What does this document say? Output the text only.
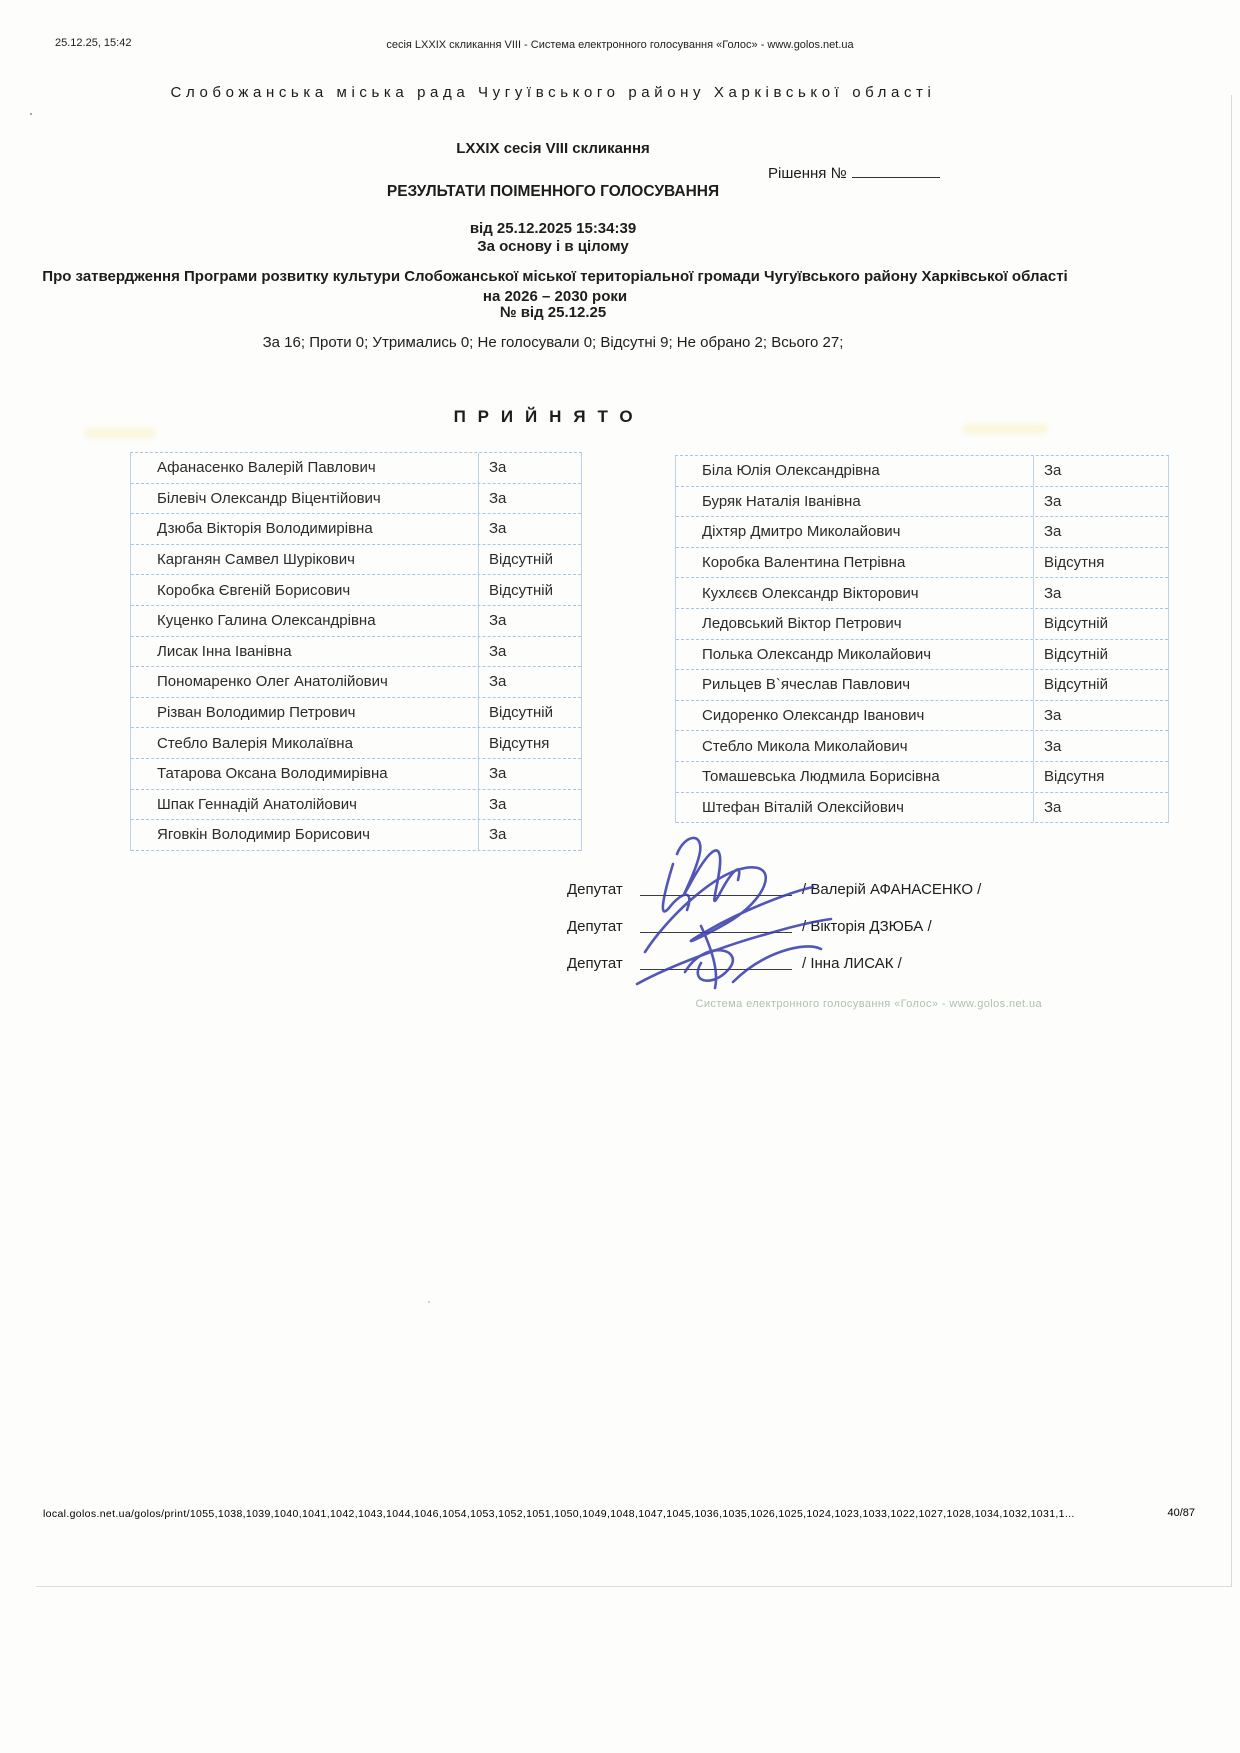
25.12.25, 15:42	сесія LXXIX скликання VIII - Система електронного голосування «Голос» - www.golos.net.ua
Слобожанська міська рада Чугуївського району Харківської області
LXXIX сесія VIII скликання
Рішення №
РЕЗУЛЬТАТИ ПОІМЕННОГО ГОЛОСУВАННЯ
від 25.12.2025 15:34:39
За основу і в цілому
Про затвердження Програми розвитку культури Слобожанської міської територіальної громади Чугуївського району Харківської області на 2026 – 2030 роки
№ від 25.12.25
За 16; Проти 0; Утримались 0; Не голосували 0; Відсутні 9; Не обрано 2; Всього 27;
ПРИЙНЯТО
Афанасенко Валерій Павлович	За
Білевіч Олександр Віцентійович	За
Дзюба Вікторія Володимирівна	За
Карганян Самвел Шурікович	Відсутній
Коробка Євгеній Борисович	Відсутній
Куценко Галина Олександрівна	За
Лисак Інна Іванівна	За
Пономаренко Олег Анатолійович	За
Різван Володимир Петрович	Відсутній
Стебло Валерія Миколаївна	Відсутня
Татарова Оксана Володимирівна	За
Шпак Геннадій Анатолійович	За
Яговкін Володимир Борисович	За
Біла Юлія Олександрівна	За
Буряк Наталія Іванівна	За
Діхтяр Дмитро Миколайович	За
Коробка Валентина Петрівна	Відсутня
Кухлєєв Олександр Вікторович	За
Ледовський Віктор Петрович	Відсутній
Полька Олександр Миколайович	Відсутній
Рильцев В`ячеслав Павлович	Відсутній
Сидоренко Олександр Іванович	За
Стебло Микола Миколайович	За
Томашевська Людмила Борисівна	Відсутня
Штефан Віталій Олексійович	За
Депутат	/ Валерій АФАНАСЕНКО /
Депутат	/ Вікторія ДЗЮБА /
Депутат	/ Інна ЛИСАК /
Система електронного голосування «Голос» - www.golos.net.ua
local.golos.net.ua/golos/print/1055,1038,1039,1040,1041,1042,1043,1044,1046,1054,1053,1052,1051,1050,1049,1048,1047,1045,1036,1035,1026,1025,1024,1023,1033,1022,1027,1028,1034,1032,1031,1...	40/87
